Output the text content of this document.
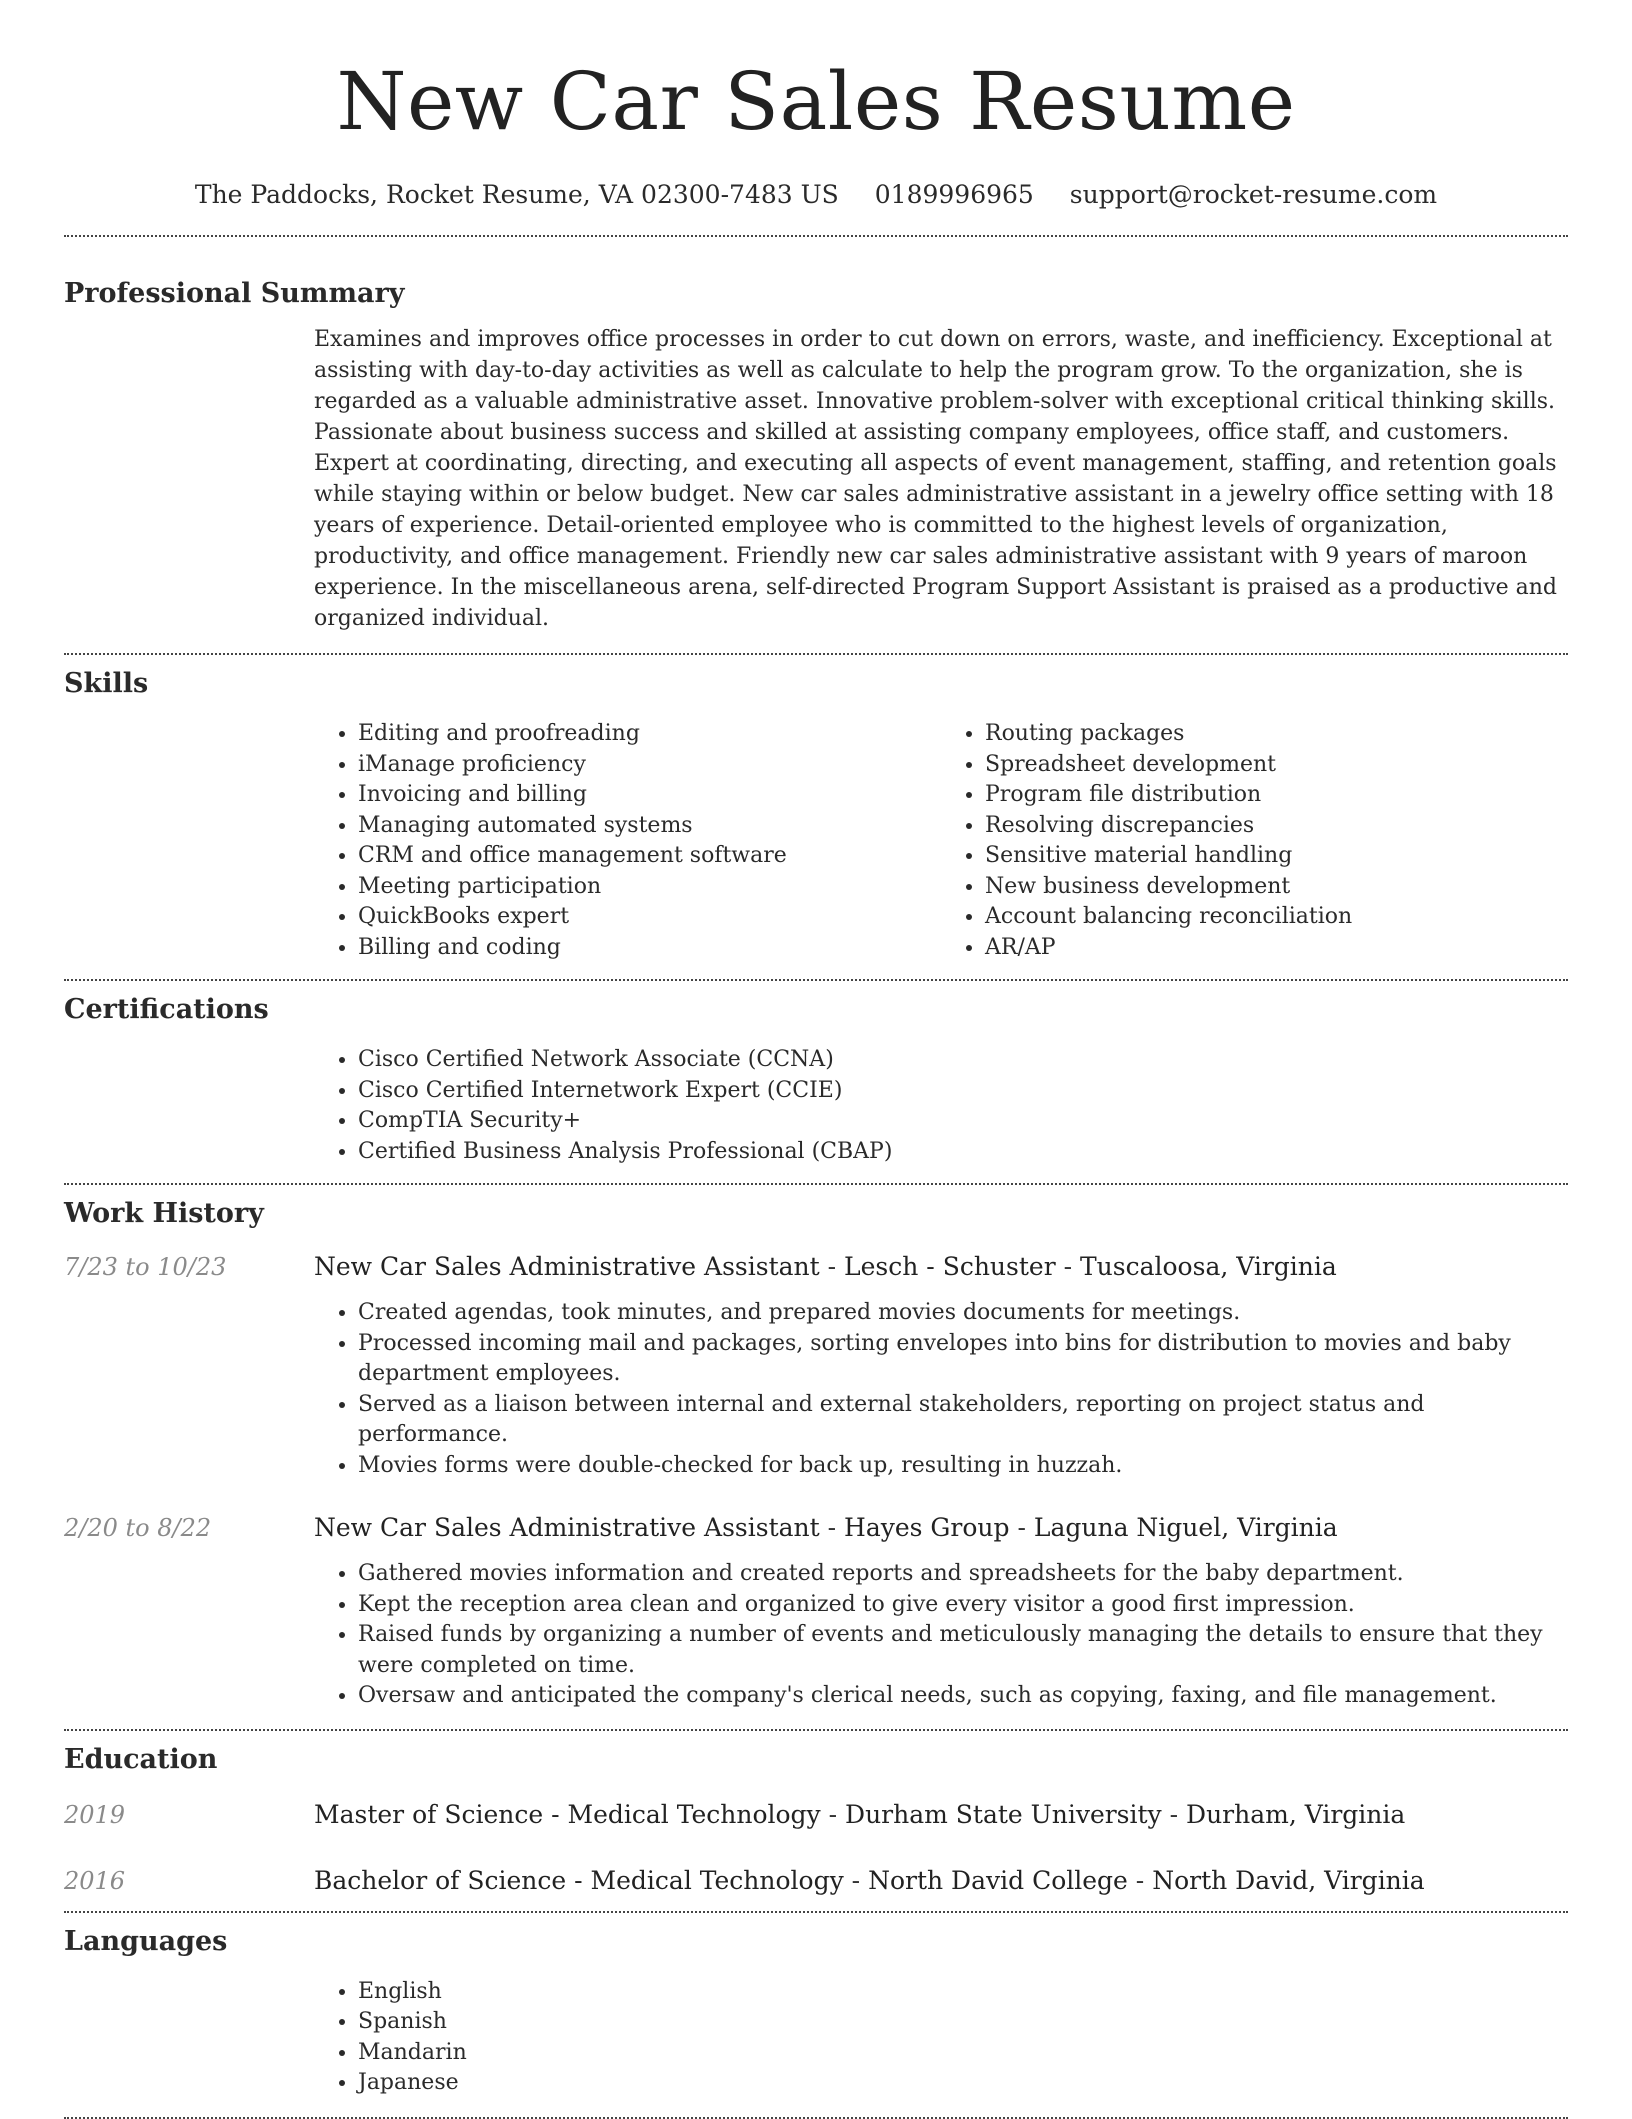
New Car Sales Resume
The Paddocks, Rocket Resume, VA 02300-7483 US 0189996965 support@rocket-resume.com
Professional Summary
Examines and improves office processes in order to cut down on errors, waste, and inefficiency. Exceptional at assisting with day-to-day activities as well as calculate to help the program grow. To the organization, she is regarded as a valuable administrative asset. Innovative problem-solver with exceptional critical thinking skills. Passionate about business success and skilled at assisting company employees, office staff, and customers. Expert at coordinating, directing, and executing all aspects of event management, staffing, and retention goals while staying within or below budget. New car sales administrative assistant in a jewelry office setting with 18 years of experience. Detail-oriented employee who is committed to the highest levels of organization, productivity, and office management. Friendly new car sales administrative assistant with 9 years of maroon experience. In the miscellaneous arena, self-directed Program Support Assistant is praised as a productive and organized individual.
Skills
• Editing and proofreading
• iManage proficiency
• Invoicing and billing
• Managing automated systems
• CRM and office management software
• Meeting participation
• QuickBooks expert
• Billing and coding
• Routing packages
• Spreadsheet development
• Program file distribution
• Resolving discrepancies
• Sensitive material handling
• New business development
• Account balancing reconciliation
• AR/AP
Certifications
• Cisco Certified Network Associate (CCNA)
• Cisco Certified Internetwork Expert (CCIE)
• CompTIA Security+
• Certified Business Analysis Professional (CBAP)
Work History
7/23 to 10/23	New Car Sales Administrative Assistant - Lesch - Schuster - Tuscaloosa, Virginia
• Created agendas, took minutes, and prepared movies documents for meetings.
• Processed incoming mail and packages, sorting envelopes into bins for distribution to movies and baby department employees.
• Served as a liaison between internal and external stakeholders, reporting on project status and performance.
• Movies forms were double-checked for back up, resulting in huzzah.
2/20 to 8/22	New Car Sales Administrative Assistant - Hayes Group - Laguna Niguel, Virginia
• Gathered movies information and created reports and spreadsheets for the baby department.
• Kept the reception area clean and organized to give every visitor a good first impression.
• Raised funds by organizing a number of events and meticulously managing the details to ensure that they were completed on time.
• Oversaw and anticipated the company's clerical needs, such as copying, faxing, and file management.
Education
2019	Master of Science - Medical Technology - Durham State University - Durham, Virginia
2016	Bachelor of Science - Medical Technology - North David College - North David, Virginia
Languages
• English
• Spanish
• Mandarin
• Japanese
